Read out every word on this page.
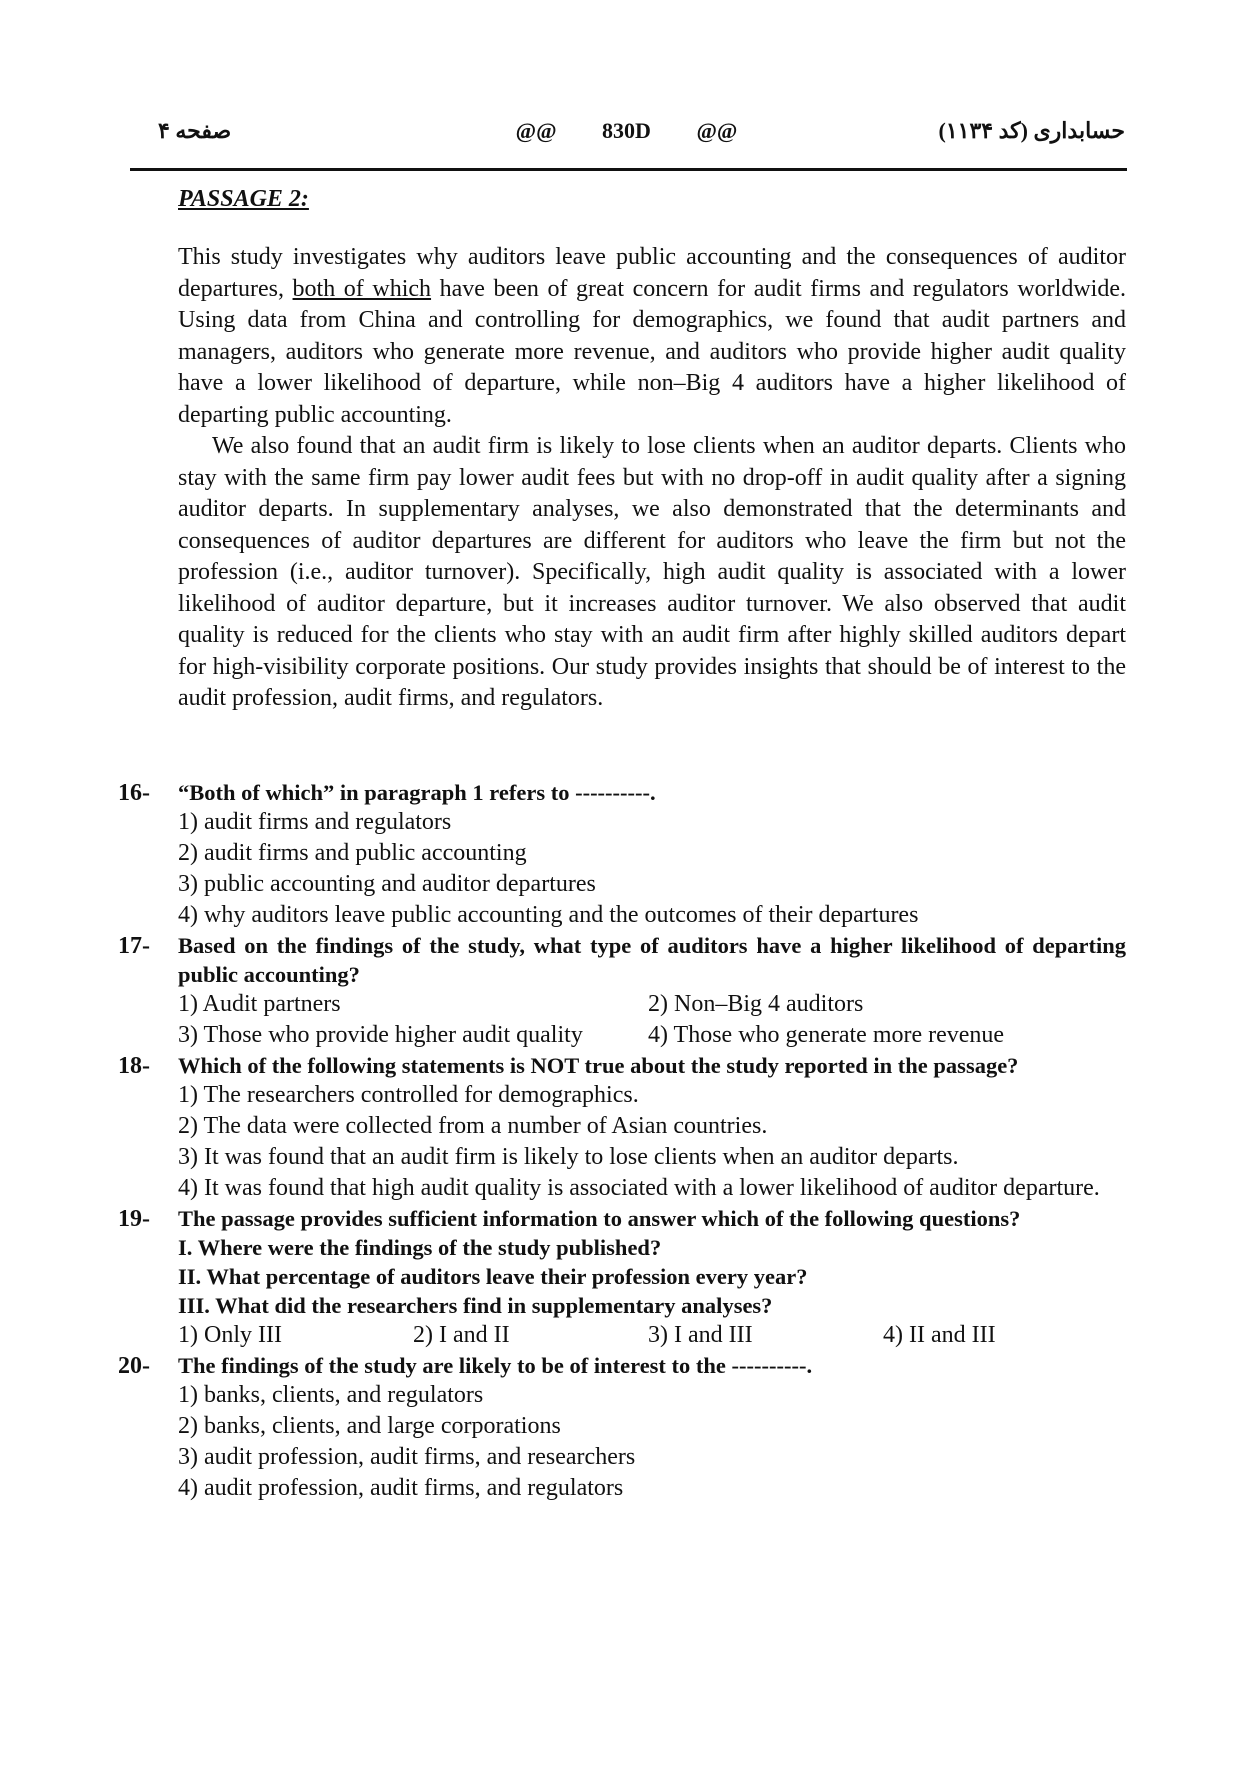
صفحه ۴	@@ 830D @@	حسابداری (کد ۱۱۳۴)
PASSAGE 2:

This study investigates why auditors leave public accounting and the consequences of auditor departures, both of which have been of great concern for audit firms and regulators worldwide. Using data from China and controlling for demographics, we found that audit partners and managers, auditors who generate more revenue, and auditors who provide higher audit quality have a lower likelihood of departure, while non–Big 4 auditors have a higher likelihood of departing public accounting.

We also found that an audit firm is likely to lose clients when an auditor departs. Clients who stay with the same firm pay lower audit fees but with no drop-off in audit quality after a signing auditor departs. In supplementary analyses, we also demonstrated that the determinants and consequences of auditor departures are different for auditors who leave the firm but not the profession (i.e., auditor turnover). Specifically, high audit quality is associated with a lower likelihood of auditor departure, but it increases auditor turnover. We also observed that audit quality is reduced for the clients who stay with an audit firm after highly skilled auditors depart for high-visibility corporate positions. Our study provides insights that should be of interest to the audit profession, audit firms, and regulators.

16- “Both of which” in paragraph 1 refers to ----------.
1) audit firms and regulators
2) audit firms and public accounting
3) public accounting and auditor departures
4) why auditors leave public accounting and the outcomes of their departures
17- Based on the findings of the study, what type of auditors have a higher likelihood of departing public accounting?
1) Audit partners	2) Non–Big 4 auditors
3) Those who provide higher audit quality	4) Those who generate more revenue
18- Which of the following statements is NOT true about the study reported in the passage?
1) The researchers controlled for demographics.
2) The data were collected from a number of Asian countries.
3) It was found that an audit firm is likely to lose clients when an auditor departs.
4) It was found that high audit quality is associated with a lower likelihood of auditor departure.
19- The passage provides sufficient information to answer which of the following questions?
I. Where were the findings of the study published?
II. What percentage of auditors leave their profession every year?
III. What did the researchers find in supplementary analyses?
1) Only III	2) I and II	3) I and III	4) II and III
20- The findings of the study are likely to be of interest to the ----------.
1) banks, clients, and regulators
2) banks, clients, and large corporations
3) audit profession, audit firms, and researchers
4) audit profession, audit firms, and regulators
